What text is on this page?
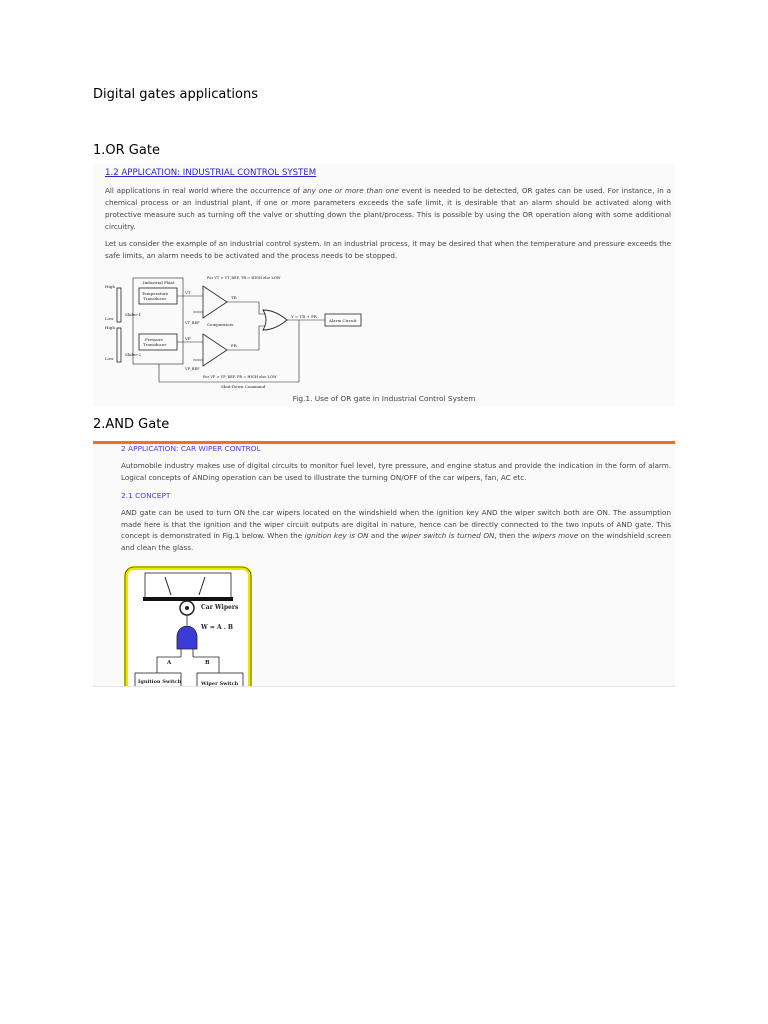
Digital gates applications
1.OR Gate
1.2 APPLICATION: INDUSTRIAL CONTROL SYSTEM
All applications in real world where the occurrence of any one or more than one event is needed to be detected, OR gates can be used. For instance, In a chemical process or an industrial plant, if one or more parameters exceeds the safe limit, it is desirable that an alarm should be activated along with protective measure such as turning off the valve or shutting down the plant/process. This is possible by using the OR operation along with some additional circuitry.
Let us consider the example of an industrial control system. In an industrial process, it may be desired that when the temperature and pressure exceeds the safe limits, an alarm needs to be activated and the process needs to be stopped.
High
Low
Slider-1
High
Low
Slider-2
Industrial Plant
Temperature
Transducer
Pressure
Transducer
VT
VP
VT_REF
VP_REF
Comparators
For VT > VT_REF, TR = HIGH else LOW
For VP > VP_REF, PR = HIGH else LOW
TR
PR
Y = TR + PR
Alarm Circuit
Shut-Down Command
Fig.1. Use of OR gate in Industrial Control System
2.AND Gate
2 APPLICATION: CAR WIPER CONTROL
Automobile industry makes use of digital circuits to monitor fuel level, tyre pressure, and engine status and provide the indication in the form of alarm. Logical concepts of ANDing operation can be used to illustrate the turning ON/OFF of the car wipers, fan, AC etc.
2.1 CONCEPT
AND gate can be used to turn ON the car wipers located on the windshield when the ignition key AND the wiper switch both are ON. The assumption made here is that the ignition and the wiper circuit outputs are digital in nature, hence can be directly connected to the two inputs of AND gate. This concept is demonstrated in Fig.1 below. When the ignition key is ON and the wiper switch is turned ON, then the wipers move on the windshield screen and clean the glass.
Car Wipers
W = A . B
A	B
Ignition Switch	Wiper Switch
